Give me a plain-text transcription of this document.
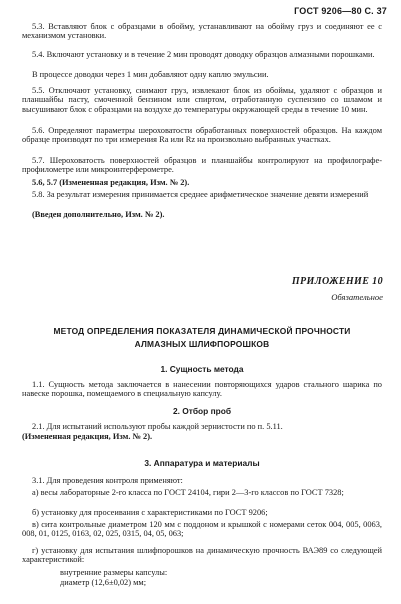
ГОСТ 9206—80 С. 37
5.3. Вставляют блок с образцами в обойму, устанавливают на обойму груз и соединяют ее с механизмом установки.
5.4. Включают установку и в течение 2 мин проводят доводку образцов алмазными порошками.
В процессе доводки через 1 мин добавляют одну каплю эмульсии.
5.5. Отключают установку, снимают груз, извлекают блок из обоймы, удаляют с образцов и планшайбы пасту, смоченной бензином или спиртом, отработанную суспензию со шламом и высушивают блок с образцами на воздухе до температуры окружающей среды в течение 10 мин.
5.6. Определяют параметры шероховатости обработанных поверхностей образцов. На каждом образце производят по три измерения Ra или Rz на произвольно выбранных участках.
5.7. Шероховатость поверхностей образцов и планшайбы контролируют на профилографе-профилометре или микроинтерферометре.
5.6, 5.7 (Измененная редакция, Изм. № 2).
5.8. За результат измерения принимается среднее арифметическое значение девяти измерений
(Введен дополнительно, Изм. № 2).
ПРИЛОЖЕНИЕ 10
Обязательное
МЕТОД ОПРЕДЕЛЕНИЯ ПОКАЗАТЕЛЯ ДИНАМИЧЕСКОЙ ПРОЧНОСТИ
АЛМАЗНЫХ ШЛИФПОРОШКОВ
1. Сущность метода
1.1. Сущность метода заключается в нанесении повторяющихся ударов стального шарика по навеске порошка, помещаемого в специальную капсулу.
2. Отбор проб
2.1. Для испытаний используют пробы каждой зернистости по п. 5.11.
(Измененная редакция, Изм. № 2).
3. Аппаратура и материалы
3.1. Для проведения контроля применяют:
а) весы лабораторные 2-го класса по ГОСТ 24104, гири 2—3-го классов по ГОСТ 7328;
б) установку для просеивания с характеристиками по ГОСТ 9206;
в) сита контрольные диаметром 120 мм с поддоном и крышкой с номерами сеток 004, 005, 0063, 008, 01, 0125, 0163, 02, 025, 0315, 04, 05, 063;
г) установку для испытания шлифпорошков на динамическую прочность ВАЭ89 со следующей характеристикой:
внутренние размеры капсулы:
диаметр (12,6±0,02) мм;
